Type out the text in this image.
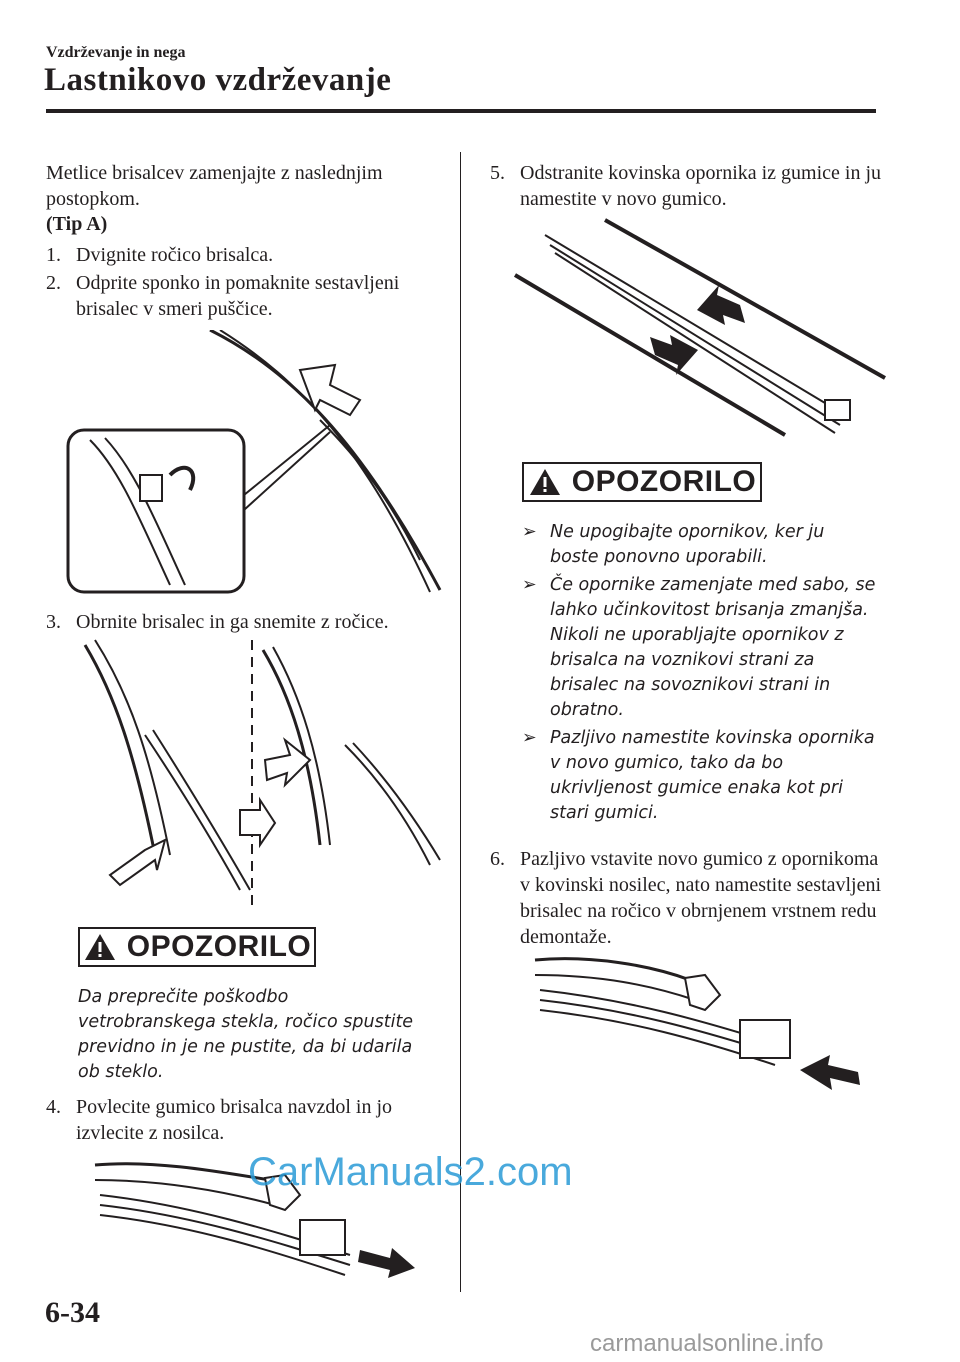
Vzdrževanje in nega
Lastnikovo vzdrževanje
Metlice brisalcev zamenjajte z naslednjim postopkom.
(Tip A)
1. Dvignite ročico brisalca.
2. Odprite sponko in pomaknite sestavljeni brisalec v smeri puščice.
3. Obrnite brisalec in ga snemite z ročice.
OPOZORILO
Da preprečite poškodbo vetrobranskega stekla, ročico spustite previdno in je ne pustite, da bi udarila ob steklo.
4. Povlecite gumico brisalca navzdol in jo izvlecite z nosilca.
5. Odstranite kovinska opornika iz gumice in ju namestite v novo gumico.
OPOZORILO
➢ Ne upogibajte opornikov, ker ju boste ponovno uporabili.
➢ Če opornike zamenjate med sabo, se lahko učinkovitost brisanja zmanjša. Nikoli ne uporabljajte opornikov z brisalca na voznikovi strani za brisalec na sovoznikovi strani in obratno.
➢ Pazljivo namestite kovinska opornika v novo gumico, tako da bo ukrivljenost gumice enaka kot pri stari gumici.
6. Pazljivo vstavite novo gumico z opornikoma v kovinski nosilec, nato namestite sestavljeni brisalec na ročico v obrnjenem vrstnem redu demontaže.
6-34
CarManuals2.com
carmanualsonline.info
